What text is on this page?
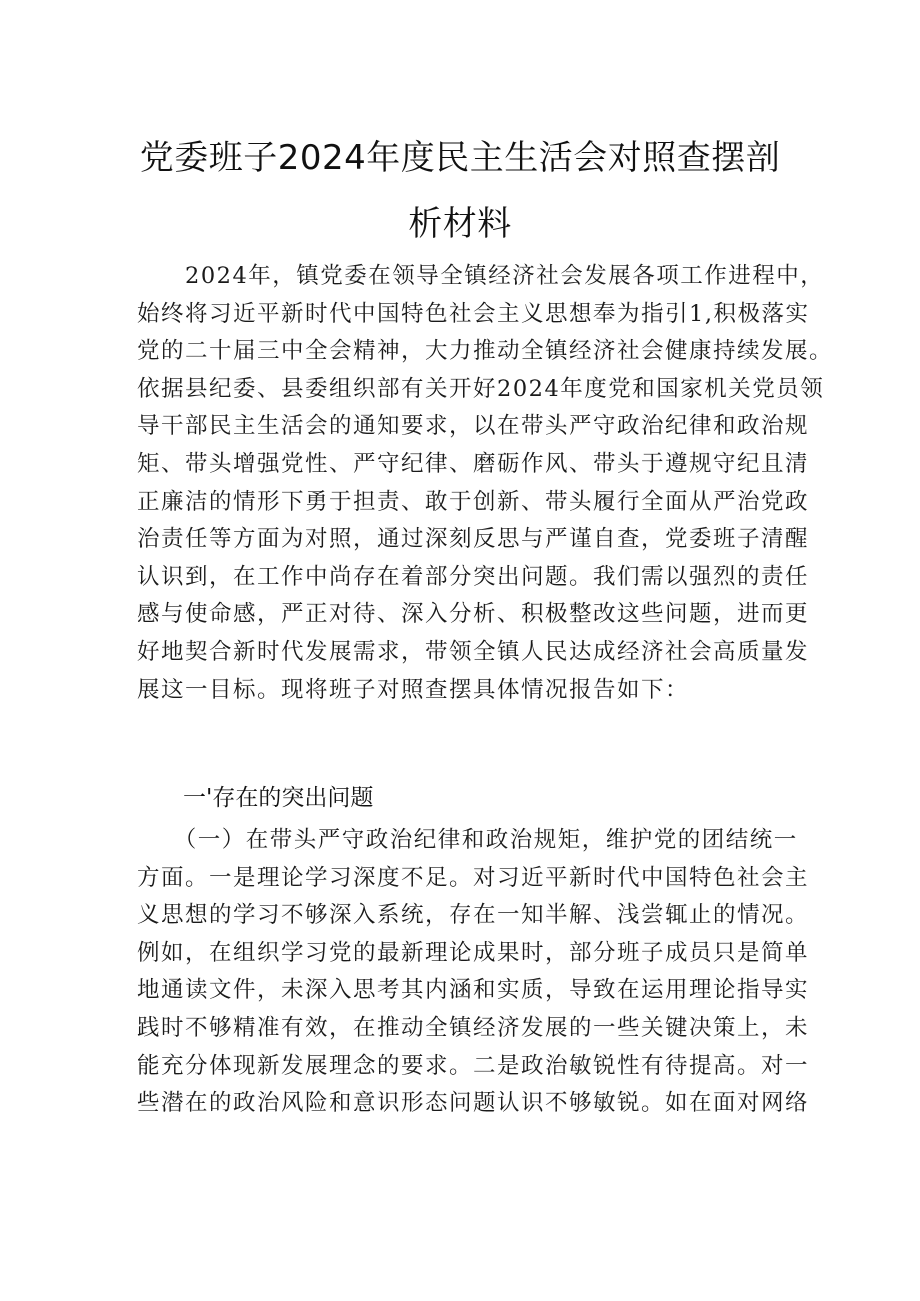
党委班子2024年度民主生活会对照查摆剖
析材料
　　2024年，镇党委在领导全镇经济社会发展各项工作进程中，
始终将习近平新时代中国特色社会主义思想奉为指引1,积极落实
党的二十届三中全会精神，大力推动全镇经济社会健康持续发展。
依据县纪委、县委组织部有关开好2024年度党和国家机关党员领
导干部民主生活会的通知要求，以在带头严守政治纪律和政治规
矩、带头增强党性、严守纪律、磨砺作风、带头于遵规守纪且清
正廉洁的情形下勇于担责、敢于创新、带头履行全面从严治党政
治责任等方面为对照，通过深刻反思与严谨自查，党委班子清醒
认识到，在工作中尚存在着部分突出问题。我们需以强烈的责任
感与使命感，严正对待、深入分析、积极整改这些问题，进而更
好地契合新时代发展需求，带领全镇人民达成经济社会高质量发
展这一目标。现将班子对照查摆具体情况报告如下：
一'存在的突出问题
　　（一）在带头严守政治纪律和政治规矩，维护党的团结统一
方面。一是理论学习深度不足。对习近平新时代中国特色社会主
义思想的学习不够深入系统，存在一知半解、浅尝辄止的情况。
例如，在组织学习党的最新理论成果时，部分班子成员只是简单
地通读文件，未深入思考其内涵和实质，导致在运用理论指导实
践时不够精准有效，在推动全镇经济发展的一些关键决策上，未
能充分体现新发展理念的要求。二是政治敏锐性有待提高。对一
些潜在的政治风险和意识形态问题认识不够敏锐。如在面对网络
